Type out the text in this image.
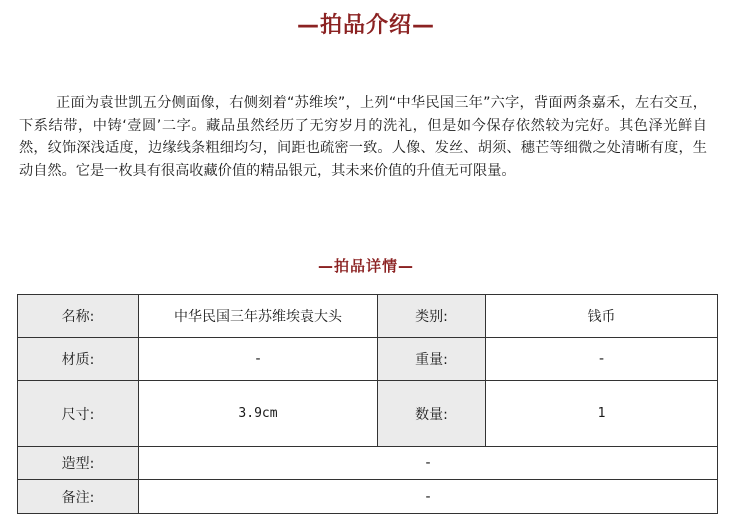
—拍品介绍—

正面为袁世凯五分侧面像，右侧刻着“苏维埃”，上列“中华民国三年”六字，背面两条嘉禾，左右交互，下系结带，中铸‘壹圆’二字。藏品虽然经历了无穷岁月的洗礼，但是如今保存依然较为完好。其色泽光鲜自然，纹饰深浅适度，边缘线条粗细均匀，间距也疏密一致。人像、发丝、胡须、穗芒等细微之处清晰有度，生动自然。它是一枚具有很高收藏价值的精品银元，其未来价值的升值无可限量。

—拍品详情—
名称:	中华民国三年苏维埃袁大头	类别:	钱币
材质:	-	重量:	-
尺寸:	3.9cm	数量:	1
造型:	-		
备注:	-		
